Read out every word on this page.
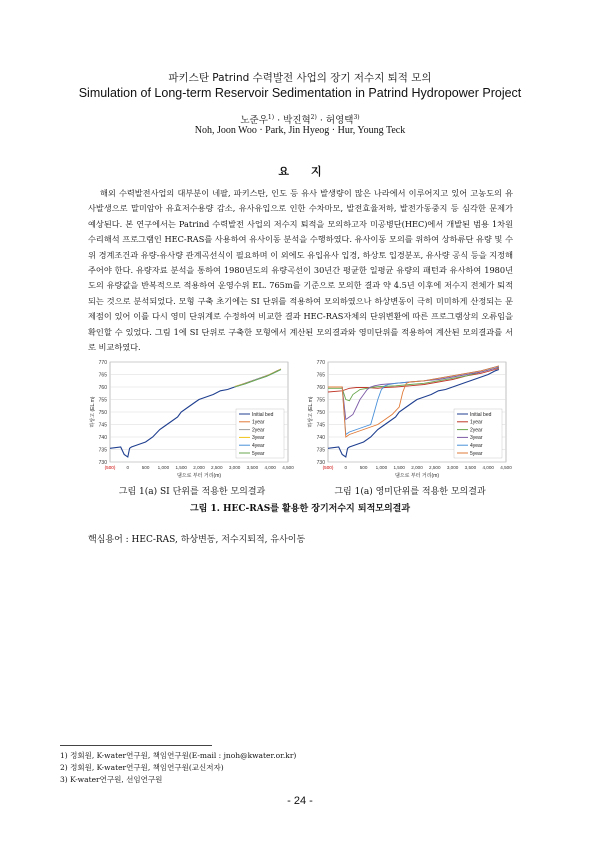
파키스탄 Patrind 수력발전 사업의 장기 저수지 퇴적 모의
Simulation of Long-term Reservoir Sedimentation in Patrind Hydropower Project
노준우$^{1)}$ · 박진혁$^{2)}$ · 허영택$^{3)}$
Noh, Joon Woo · Park, Jin Hyeog · Hur, Young Teck
요지
해외 수력발전사업의 대부분이 네팔, 파키스탄, 인도 등 유사 발생량이 많은 나라에서 이루어지고 있어 고농도의 유사발생으로 말미암아 유효저수용량 감소, 유사유입으로 인한 수차마모, 발전효율저하, 발전가동중지 등 심각한 문제가 예상된다. 본 연구에서는 Patrind 수력발전 사업의 저수지 퇴적을 모의하고자 미공병단(HEC)에서 개발된 범용 1차원 수리해석 프로그램인 HEC-RAS를 사용하여 유사이동 분석을 수행하였다. 유사이동 모의를 위하여 상하류단 유량 및 수위 경계조건과 유량-유사량 관계곡선식이 필요하며 이 외에도 유입유사 입경, 하상토 입경분포, 유사량 공식 등을 지정해 주어야 한다. 유량자료 분석을 통하여 1980년도의 유량곡선이 30년간 평균한 일평균 유량의 패턴과 유사하여 1980년도의 유량값을 반복적으로 적용하여 운영수위 EL. 765m를 기준으로 모의한 결과 약 4.5년 이후에 저수지 전체가 퇴적되는 것으로 분석되었다. 모형 구축 초기에는 SI 단위를 적용하여 모의하였으나 하상변동이 극히 미미하게 산정되는 문제점이 있어 이를 다시 영미 단위계로 수정하여 비교한 결과 HEC-RAS자체의 단위변환에 따른 프로그램상의 오류임을 확인할 수 있었다. 그림 1에 SI 단위로 구축한 모형에서 계산된 모의결과와 영미단위를 적용하여 계산된 모의결과를 서로 비교하였다.
730
735
740
745
750
755
760
765
770
(500) 0	500 1,000 1,500 2,000 2,500 3,000 3,500 4,000 4,500
댐으로 부터 거리(m)
하상고 (EL.m)	Initial bed
1year
2year
3year
4year
5year
730
735
740
745
750
755
760
765
770
(500) 0	500 1,000 1,500 2,000 2,500 3,000 3,500 4,000 4,500
댐으로 부터 거리(m)
하상고 (EL.m)	Initial bed
1year
2year
3year
4year
5year
그림 1(a) SI 단위를 적용한 모의결과	그림 1(a) 영미단위를 적용한 모의결과
그림 1. HEC-RAS를 활용한 장기저수지 퇴적모의결과
핵심용어 : HEC-RAS, 하상변동, 저수지퇴적, 유사이동
1) 정회원, K-water연구원, 책임연구원(E-mail : jnoh@kwater.or.kr)
2) 정회원, K-water연구원, 책임연구원(교신저자)
3) K-water연구원, 선임연구원
- 24 -
